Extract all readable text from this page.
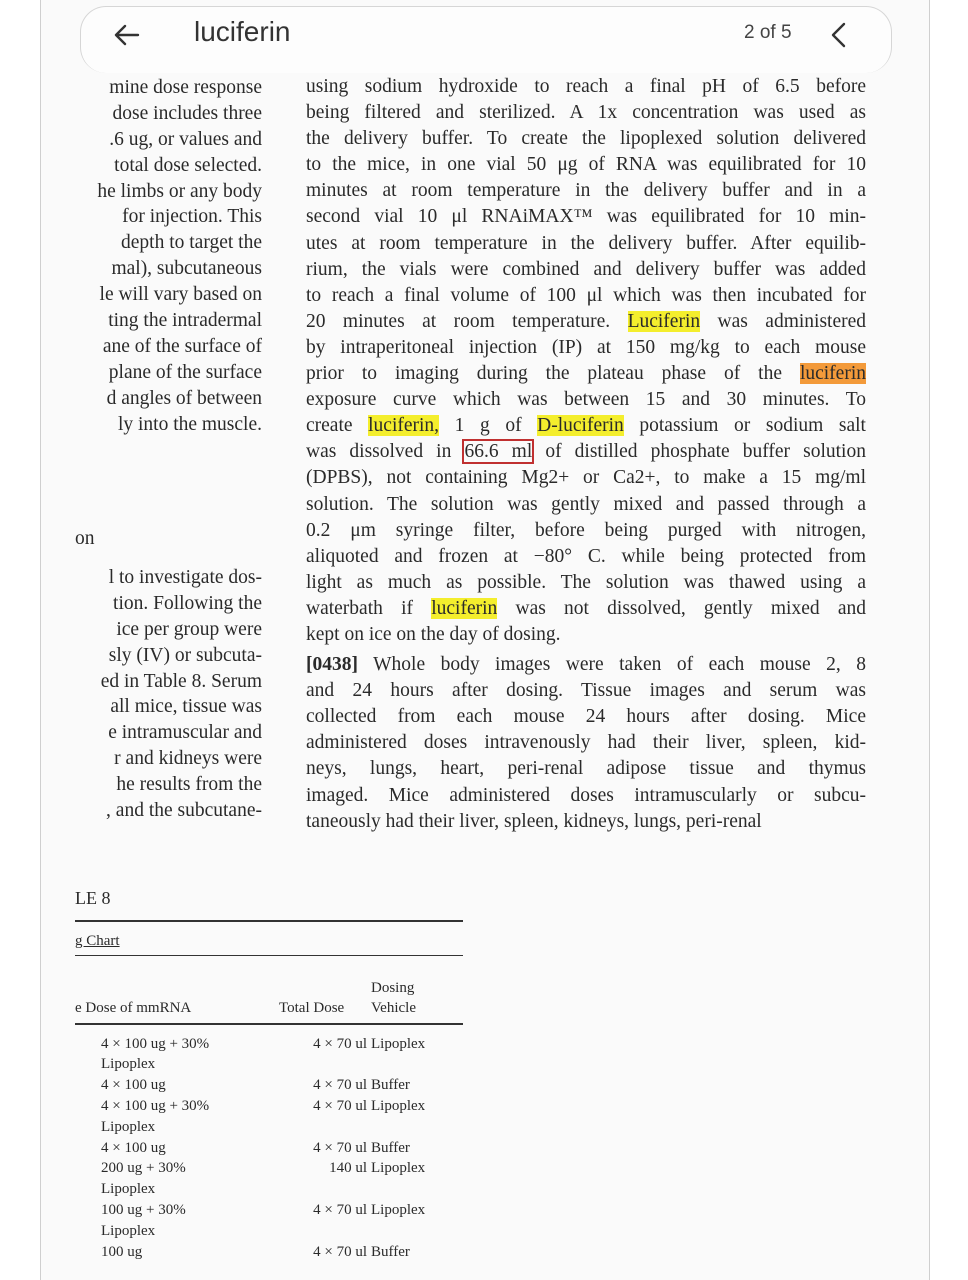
luciferin	2 of 5
mine dose response
dose includes three
.6 ug, or values and
total dose selected.
he limbs or any body
for injection. This
depth to target the
mal), subcutaneous
le will vary based on
ting the intradermal
ane of the surface of
plane of the surface
d angles of between
ly into the muscle.
on
l to investigate dos-
tion. Following the
ice per group were
sly (IV) or subcuta-
ed in Table 8. Serum
all mice, tissue was
e intramuscular and
r and kidneys were
he results from the
, and the subcutane-
using sodium hydroxide to reach a final pH of 6.5 before
being filtered and sterilized. A 1x concentration was used as
the delivery buffer. To create the lipoplexed solution delivered
to the mice, in one vial 50 μg of RNA was equilibrated for 10
minutes at room temperature in the delivery buffer and in a
second vial 10 μl RNAiMAX™ was equilibrated for 10 min-
utes at room temperature in the delivery buffer. After equilib-
rium, the vials were combined and delivery buffer was added
to reach a final volume of 100 μl which was then incubated for
20 minutes at room temperature. Luciferin was administered
by intraperitoneal injection (IP) at 150 mg/kg to each mouse
prior to imaging during the plateau phase of the luciferin
exposure curve which was between 15 and 30 minutes. To
create luciferin, 1 g of D-luciferin potassium or sodium salt
was dissolved in 66.6 ml of distilled phosphate buffer solution
(DPBS), not containing Mg2+ or Ca2+, to make a 15 mg/ml
solution. The solution was gently mixed and passed through a
0.2 μm syringe filter, before being purged with nitrogen,
aliquoted and frozen at −80° C. while being protected from
light as much as possible. The solution was thawed using a
waterbath if luciferin was not dissolved, gently mixed and
kept on ice on the day of dosing.
[0438] Whole body images were taken of each mouse 2, 8
and 24 hours after dosing. Tissue images and serum was
collected from each mouse 24 hours after dosing. Mice
administered doses intravenously had their liver, spleen, kid-
neys, lungs, heart, peri-renal adipose tissue and thymus
imaged. Mice administered doses intramuscularly or subcu-
taneously had their liver, spleen, kidneys, lungs, peri-renal
LE 8
g Chart
Dosing
e Dose of mmRNA	Total Dose	Vehicle
4 × 100 ug + 30%	4 × 70 ul Lipoplex
Lipoplex
4 × 100 ug	4 × 70 ul Buffer
4 × 100 ug + 30%	4 × 70 ul Lipoplex
Lipoplex
4 × 100 ug	4 × 70 ul Buffer
200 ug + 30%	140 ul Lipoplex
Lipoplex
100 ug + 30%	4 × 70 ul Lipoplex
Lipoplex
100 ug	4 × 70 ul Buffer
